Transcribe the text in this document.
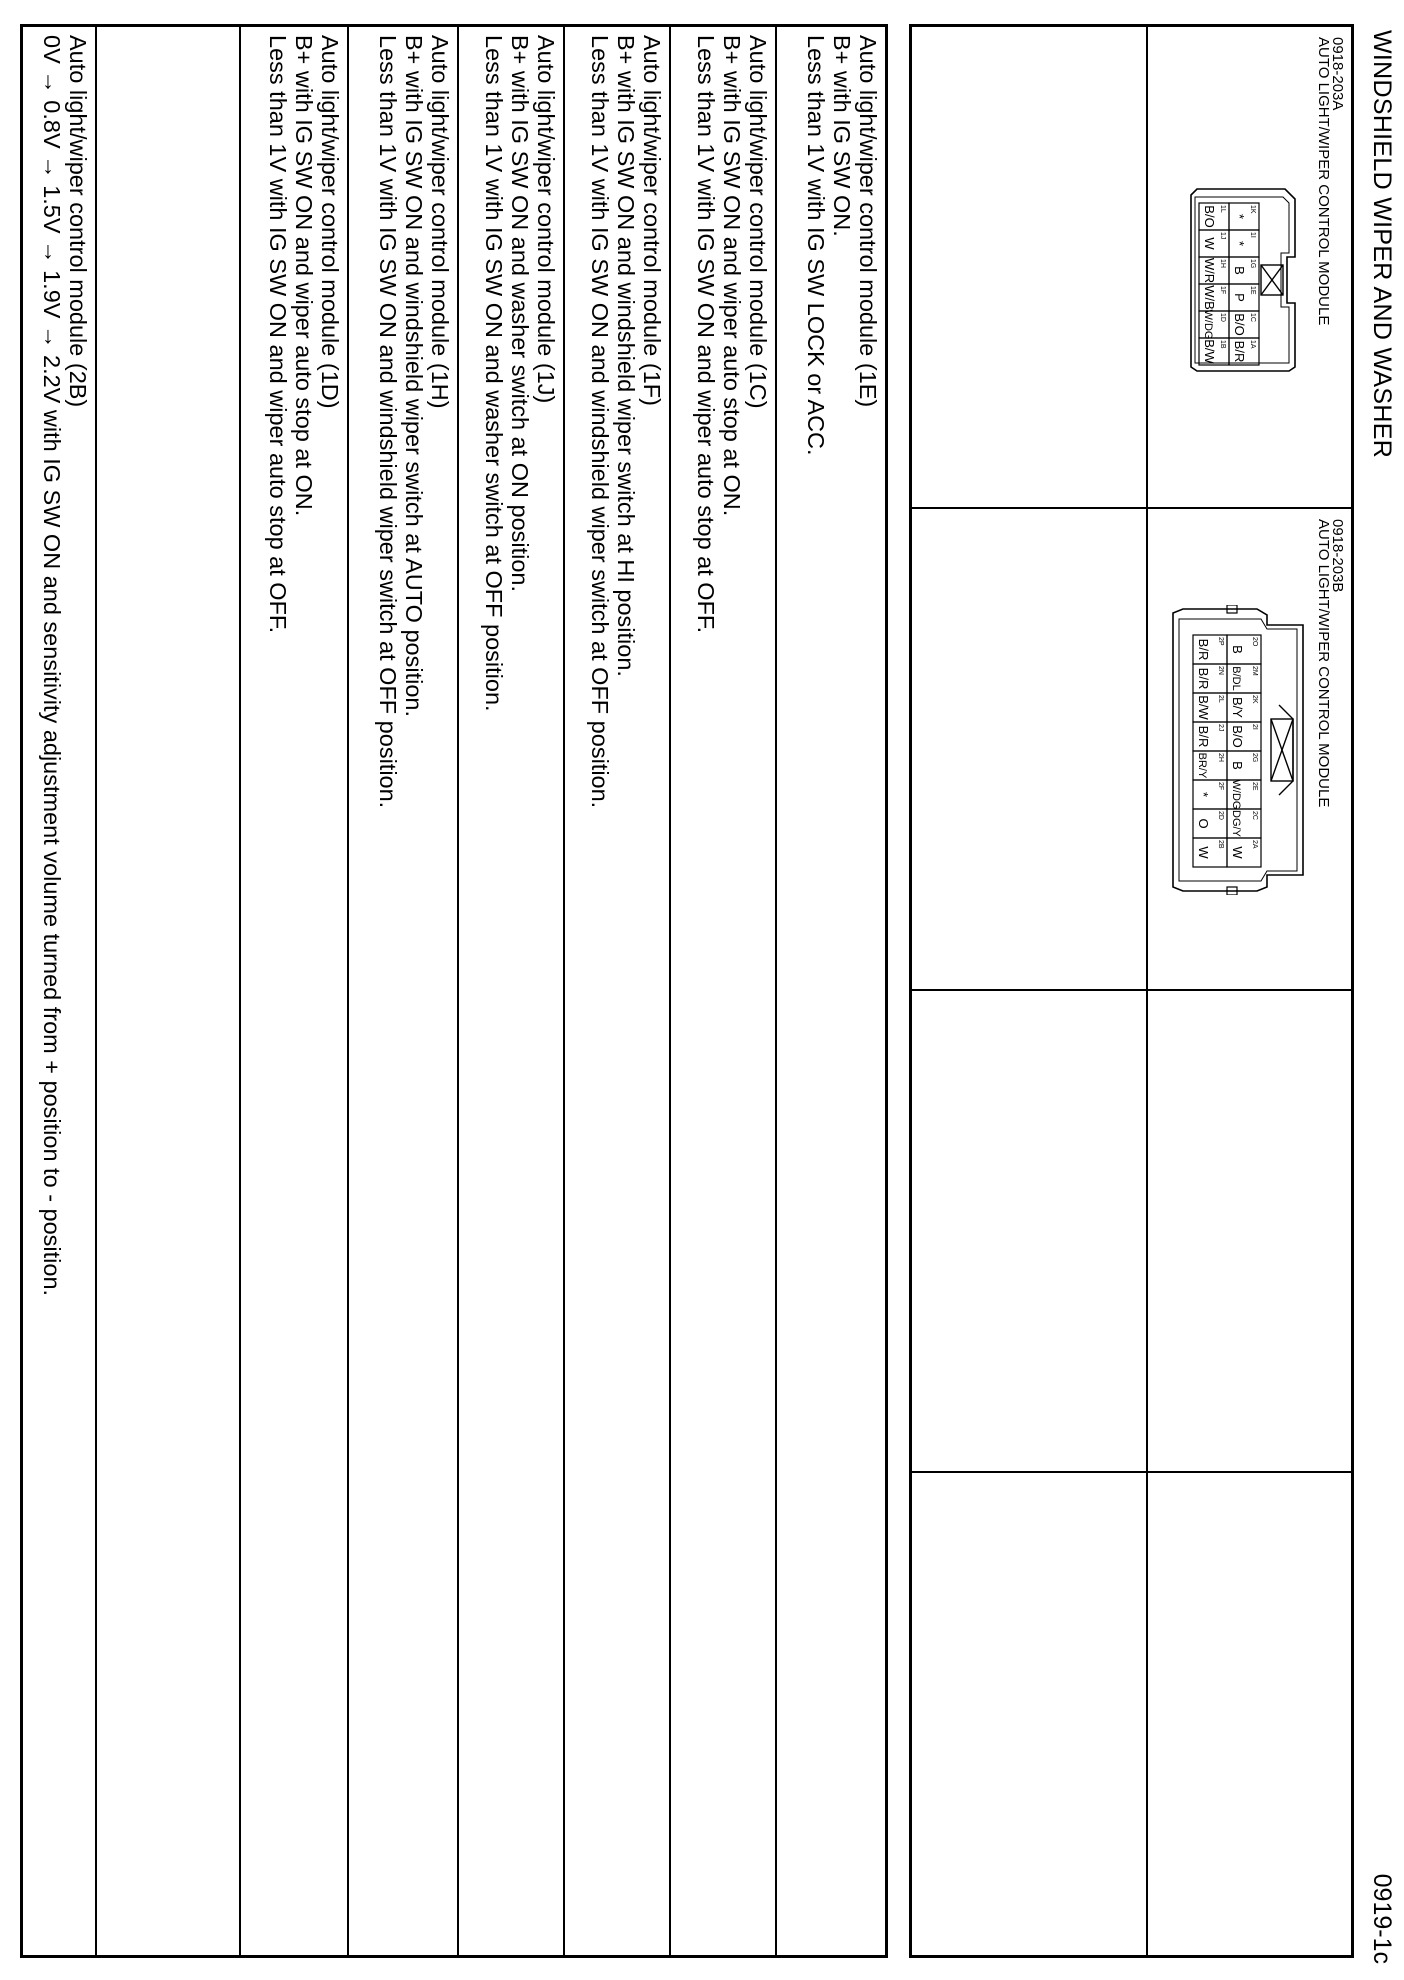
WINDSHIELD WIPER AND WASHER
0919-1c
0918-203A
AUTO LIGHT/WIPER CONTROL MODULE
1K
*
1I
*
1G
B
1E
P
1C
B/O
1A
B/R
1L
B/O
1J
W
1H
W/R
1F
W/B
1D
W/DG
1B
B/W
0918-203B
AUTO LIGHT/WIPER CONTROL MODULE
2O
B
2M
B/DL
2K
B/Y
2I
B/O
2G
B
2E
W/DG
2C
DG/Y
2A
W
2P
B/R
2N
B/R
2L
B/W
2J
B/R
2H
BR/Y
2F
*
2D
O
2B
W
Auto light/wiper control module (1E)
B+ with IG SW ON.
Less than 1V with IG SW LOCK or ACC.
Auto light/wiper control module (1C)
B+ with IG SW ON and wiper auto stop at ON.
Less than 1V with IG SW ON and wiper auto stop at OFF.
Auto light/wiper control module (1F)
B+ with IG SW ON and windshield wiper switch at HI position.
Less than 1V with IG SW ON and windshield wiper switch at OFF position.
Auto light/wiper control module (1J)
B+ with IG SW ON and washer switch at ON position.
Less than 1V with IG SW ON and washer switch at OFF position.
Auto light/wiper control module (1H)
B+ with IG SW ON and windshield wiper switch at AUTO position.
Less than 1V with IG SW ON and windshield wiper switch at OFF position.
Auto light/wiper control module (1D)
B+ with IG SW ON and wiper auto stop at ON.
Less than 1V with IG SW ON and wiper auto stop at OFF.
Auto light/wiper control module (2B)
0V → 0.8V → 1.5V → 1.9V → 2.2V with IG SW ON and sensitivity adjustment volume turned from + position to - position.
